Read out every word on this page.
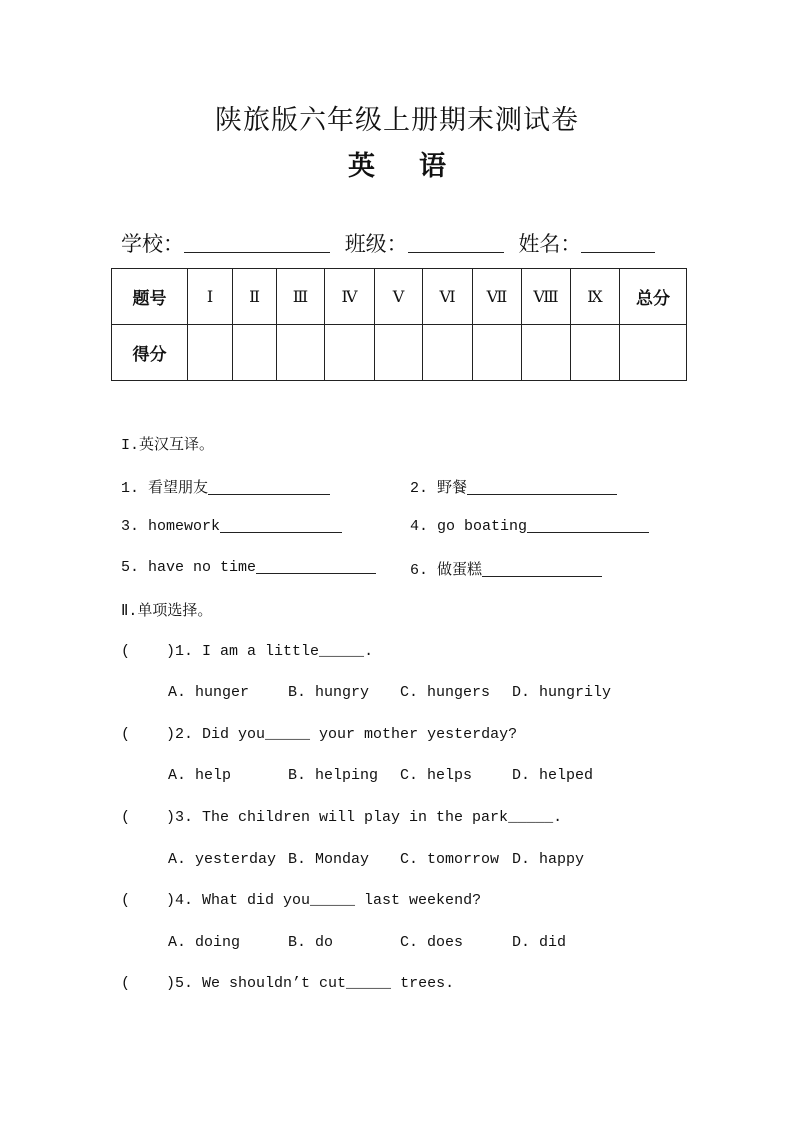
陕旅版六年级上册期末测试卷
英 语
学校：	班级：	姓名：
题号	Ⅰ	Ⅱ	Ⅲ	Ⅳ	Ⅴ	Ⅵ	Ⅶ	Ⅷ	Ⅸ	总分
得分										
I.英汉互译。
1. 看望朋友	2. 野餐
3. homework	4. go boating
5. have no time	6. 做蛋糕
Ⅱ.单项选择。
(    )1. I am a little_____.
A. hunger	B. hungry C. hungers D. hungrily
(    )2. Did you_____ your mother yesterday?
A. help	B. helping C. helps	D. helped
(    )3. The children will play in the park_____.
A. yesterday B. Monday C. tomorrow D. happy
(    )4. What did you_____ last weekend?
A. doing	B. do	C. does	D. did
(    )5. We shouldn’t cut_____ trees.
